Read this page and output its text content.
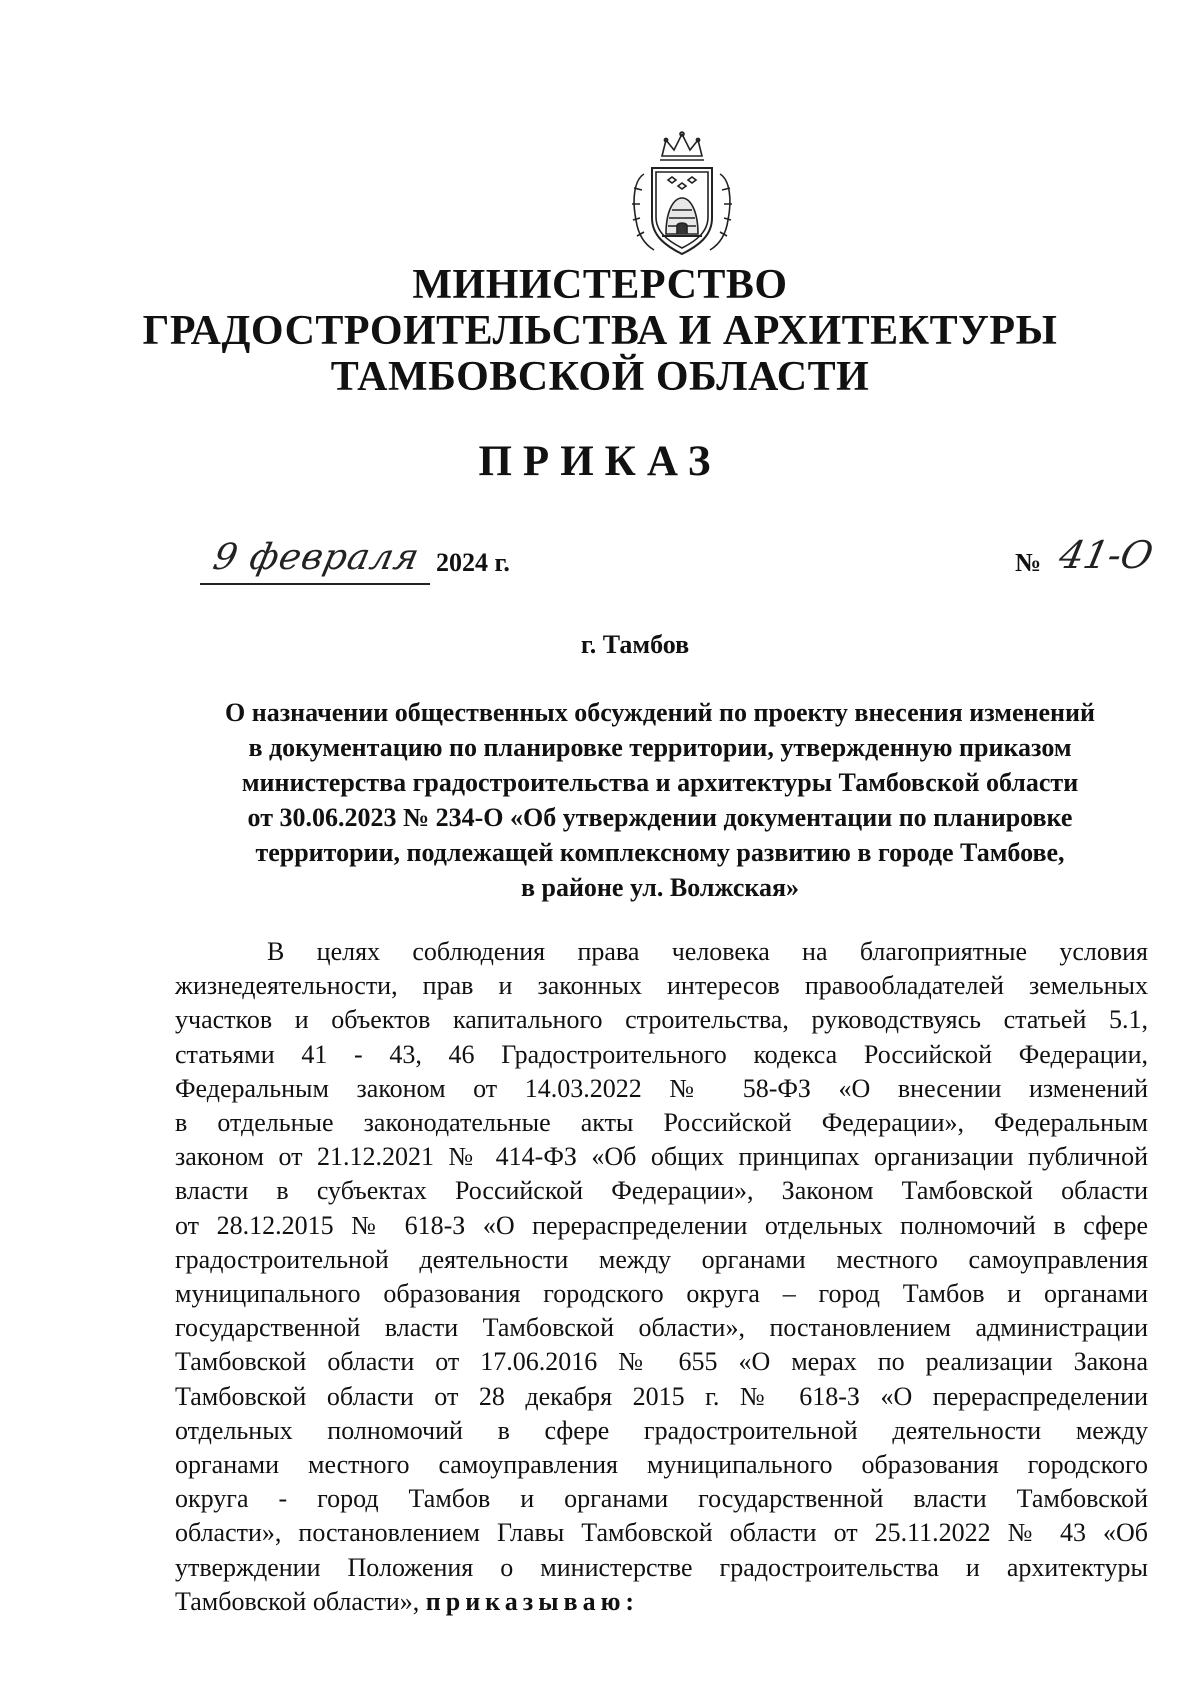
МИНИСТЕРСТВО
ГРАДОСТРОИТЕЛЬСТВА И АРХИТЕКТУРЫ
ТАМБОВСКОЙ ОБЛАСТИ
ПРИКАЗ
9 февраля 2024 г.	№ 41-О
г. Тамбов
О назначении общественных обсуждений по проекту внесения изменений
в документацию по планировке территории, утвержденную приказом
министерства градостроительства и архитектуры Тамбовской области
от 30.06.2023 № 234-О «Об утверждении документации по планировке
территории, подлежащей комплексному развитию в городе Тамбове,
в районе ул. Волжская»
В целях соблюдения права человека на благоприятные условия
жизнедеятельности, прав и законных интересов правообладателей земельных
участков и объектов капитального строительства, руководствуясь статьей 5.1,
статьями 41 - 43, 46 Градостроительного кодекса Российской Федерации,
Федеральным законом от 14.03.2022 № 58-ФЗ «О внесении изменений
в отдельные законодательные акты Российской Федерации», Федеральным
законом от 21.12.2021 № 414-ФЗ «Об общих принципах организации публичной
власти в субъектах Российской Федерации», Законом Тамбовской области
от 28.12.2015 № 618-З «О перераспределении отдельных полномочий в сфере
градостроительной деятельности между органами местного самоуправления
муниципального образования городского округа – город Тамбов и органами
государственной власти Тамбовской области», постановлением администрации
Тамбовской области от 17.06.2016 № 655 «О мерах по реализации Закона
Тамбовской области от 28 декабря 2015 г. № 618-З «О перераспределении
отдельных полномочий в сфере градостроительной деятельности между
органами местного самоуправления муниципального образования городского
округа - город Тамбов и органами государственной власти Тамбовской
области», постановлением Главы Тамбовской области от 25.11.2022 № 43 «Об
утверждении Положения о министерстве градостроительства и архитектуры
Тамбовской области», приказываю:
